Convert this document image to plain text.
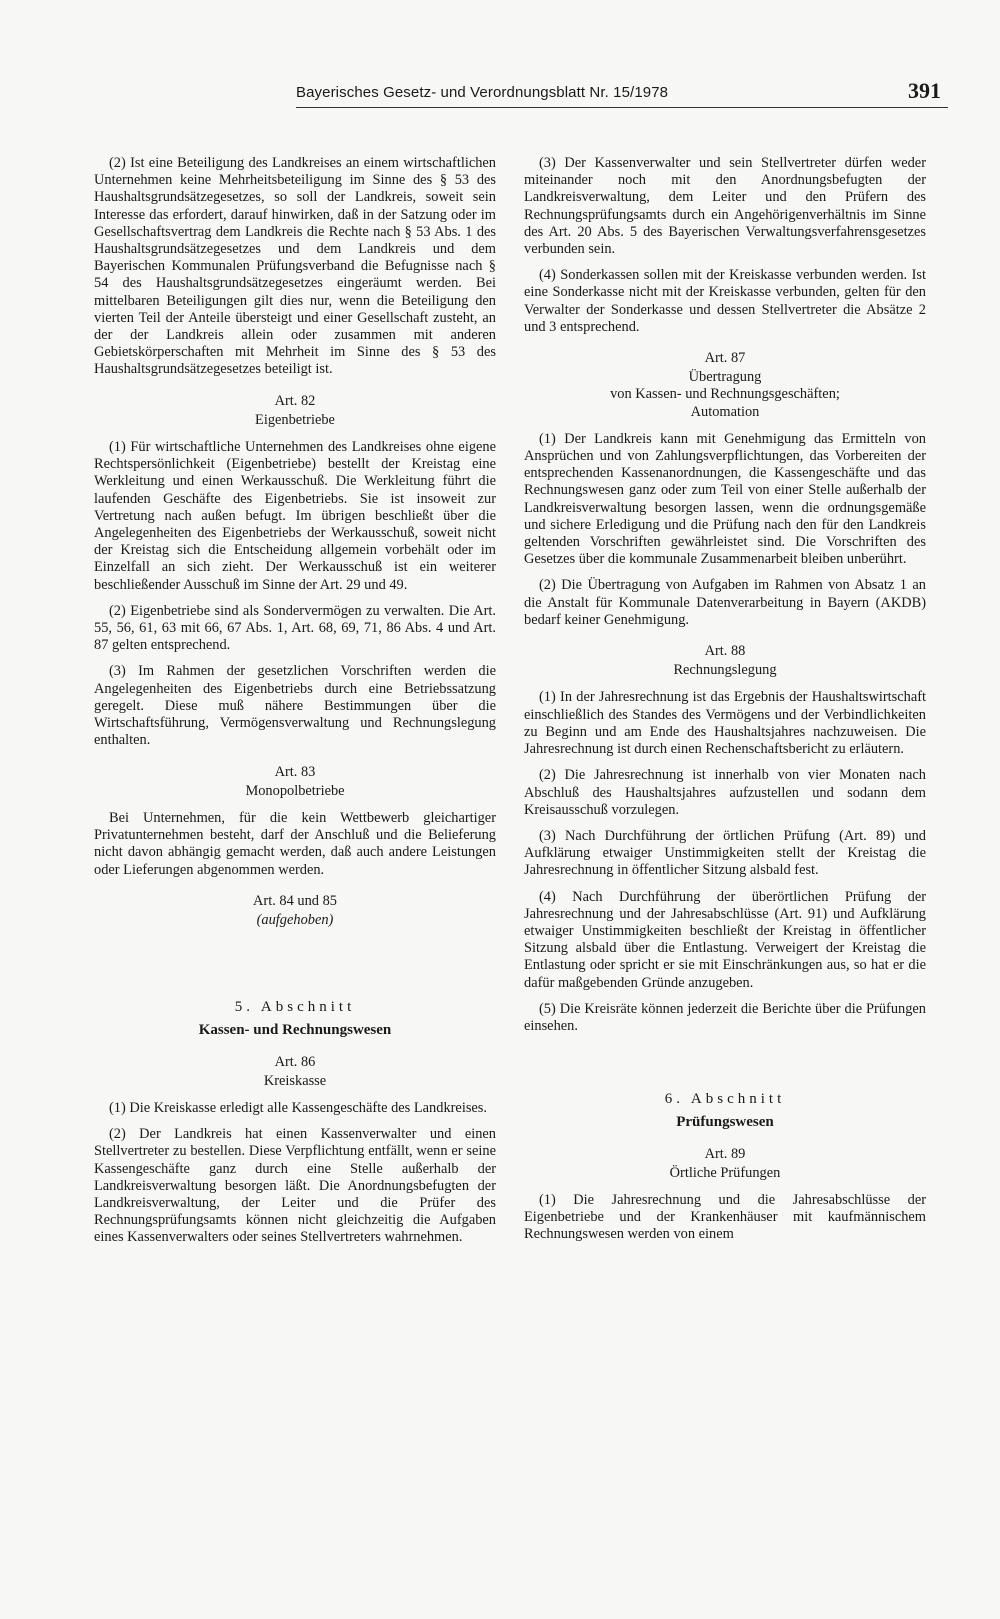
Bayerisches Gesetz- und Verordnungsblatt Nr. 15/1978	391

(2) Ist eine Beteiligung des Landkreises an einem wirtschaftlichen Unternehmen keine Mehrheitsbeteiligung im Sinne des § 53 des Haushaltsgrundsätzegesetzes, so soll der Landkreis, soweit sein Interesse das erfordert, darauf hinwirken, daß in der Satzung oder im Gesellschaftsvertrag dem Landkreis die Rechte nach § 53 Abs. 1 des Haushaltsgrundsätzegesetzes und dem Landkreis und dem Bayerischen Kommunalen Prüfungsverband die Befugnisse nach § 54 des Haushaltsgrundsätzegesetzes eingeräumt werden. Bei mittelbaren Beteiligungen gilt dies nur, wenn die Beteiligung den vierten Teil der Anteile übersteigt und einer Gesellschaft zusteht, an der der Landkreis allein oder zusammen mit anderen Gebietskörperschaften mit Mehrheit im Sinne des § 53 des Haushaltsgrundsätzegesetzes beteiligt ist.

Art. 82
Eigenbetriebe

(1) Für wirtschaftliche Unternehmen des Landkreises ohne eigene Rechtspersönlichkeit (Eigenbetriebe) bestellt der Kreistag eine Werkleitung und einen Werkausschuß. Die Werkleitung führt die laufenden Geschäfte des Eigenbetriebs. Sie ist insoweit zur Vertretung nach außen befugt. Im übrigen beschließt über die Angelegenheiten des Eigenbetriebs der Werkausschuß, soweit nicht der Kreistag sich die Entscheidung allgemein vorbehält oder im Einzelfall an sich zieht. Der Werkausschuß ist ein weiterer beschließender Ausschuß im Sinne der Art. 29 und 49.

(2) Eigenbetriebe sind als Sondervermögen zu verwalten. Die Art. 55, 56, 61, 63 mit 66, 67 Abs. 1, Art. 68, 69, 71, 86 Abs. 4 und Art. 87 gelten entsprechend.

(3) Im Rahmen der gesetzlichen Vorschriften werden die Angelegenheiten des Eigenbetriebs durch eine Betriebssatzung geregelt. Diese muß nähere Bestimmungen über die Wirtschaftsführung, Vermögensverwaltung und Rechnungslegung enthalten.

Art. 83
Monopolbetriebe

Bei Unternehmen, für die kein Wettbewerb gleichartiger Privatunternehmen besteht, darf der Anschluß und die Belieferung nicht davon abhängig gemacht werden, daß auch andere Leistungen oder Lieferungen abgenommen werden.

Art. 84 und 85
(aufgehoben)
5. Abschnitt
Kassen- und Rechnungswesen
Art. 86
Kreiskasse

(1) Die Kreiskasse erledigt alle Kassengeschäfte des Landkreises.

(2) Der Landkreis hat einen Kassenverwalter und einen Stellvertreter zu bestellen. Diese Verpflichtung entfällt, wenn er seine Kassengeschäfte ganz durch eine Stelle außerhalb der Landkreisverwaltung besorgen läßt. Die Anordnungsbefugten der Landkreisverwaltung, der Leiter und die Prüfer des Rechnungsprüfungsamts können nicht gleichzeitig die Aufgaben eines Kassenverwalters oder seines Stellvertreters wahrnehmen.

(3) Der Kassenverwalter und sein Stellvertreter dürfen weder miteinander noch mit den Anordnungsbefugten der Landkreisverwaltung, dem Leiter und den Prüfern des Rechnungsprüfungsamts durch ein Angehörigenverhältnis im Sinne des Art. 20 Abs. 5 des Bayerischen Verwaltungsverfahrensgesetzes verbunden sein.

(4) Sonderkassen sollen mit der Kreiskasse verbunden werden. Ist eine Sonderkasse nicht mit der Kreiskasse verbunden, gelten für den Verwalter der Sonderkasse und dessen Stellvertreter die Absätze 2 und 3 entsprechend.

Art. 87
Übertragung
von Kassen- und Rechnungsgeschäften;
Automation

(1) Der Landkreis kann mit Genehmigung das Ermitteln von Ansprüchen und von Zahlungsverpflichtungen, das Vorbereiten der entsprechenden Kassenanordnungen, die Kassengeschäfte und das Rechnungswesen ganz oder zum Teil von einer Stelle außerhalb der Landkreisverwaltung besorgen lassen, wenn die ordnungsgemäße und sichere Erledigung und die Prüfung nach den für den Landkreis geltenden Vorschriften gewährleistet sind. Die Vorschriften des Gesetzes über die kommunale Zusammenarbeit bleiben unberührt.

(2) Die Übertragung von Aufgaben im Rahmen von Absatz 1 an die Anstalt für Kommunale Datenverarbeitung in Bayern (AKDB) bedarf keiner Genehmigung.

Art. 88
Rechnungslegung

(1) In der Jahresrechnung ist das Ergebnis der Haushaltswirtschaft einschließlich des Standes des Vermögens und der Verbindlichkeiten zu Beginn und am Ende des Haushaltsjahres nachzuweisen. Die Jahresrechnung ist durch einen Rechenschaftsbericht zu erläutern.

(2) Die Jahresrechnung ist innerhalb von vier Monaten nach Abschluß des Haushaltsjahres aufzustellen und sodann dem Kreisausschuß vorzulegen.

(3) Nach Durchführung der örtlichen Prüfung (Art. 89) und Aufklärung etwaiger Unstimmigkeiten stellt der Kreistag die Jahresrechnung in öffentlicher Sitzung alsbald fest.

(4) Nach Durchführung der überörtlichen Prüfung der Jahresrechnung und der Jahresabschlüsse (Art. 91) und Aufklärung etwaiger Unstimmigkeiten beschließt der Kreistag in öffentlicher Sitzung alsbald über die Entlastung. Verweigert der Kreistag die Entlastung oder spricht er sie mit Einschränkungen aus, so hat er die dafür maßgebenden Gründe anzugeben.

(5) Die Kreisräte können jederzeit die Berichte über die Prüfungen einsehen.

6. Abschnitt
Prüfungswesen
Art. 89
Örtliche Prüfungen

(1) Die Jahresrechnung und die Jahresabschlüsse der Eigenbetriebe und der Krankenhäuser mit kaufmännischem Rechnungswesen werden von einem
